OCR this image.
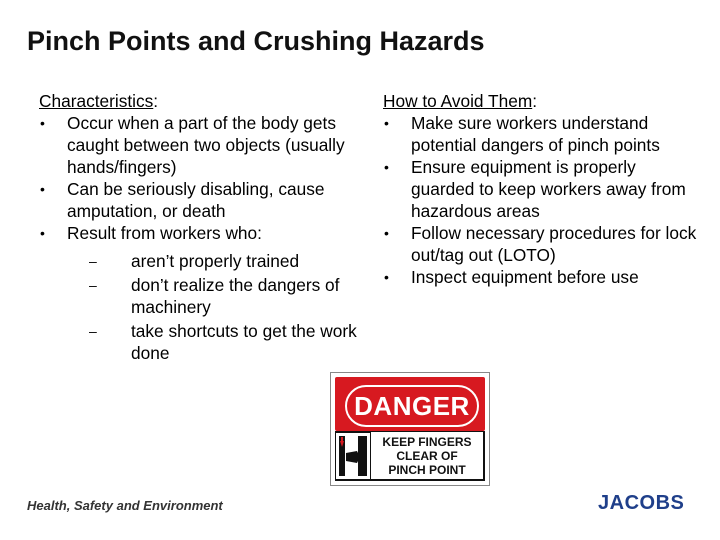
Pinch Points and Crushing Hazards
Characteristics:
• Occur when a part of the body gets caught between two objects (usually hands/fingers)
• Can be seriously disabling, cause amputation, or death
• Result from workers who:
– aren’t properly trained
– don’t realize the dangers of machinery
– take shortcuts to get the work done
How to Avoid Them:
• Make sure workers understand potential dangers of pinch points
• Ensure equipment is properly guarded to keep workers away from hazardous areas
• Follow necessary procedures for lock out/tag out (LOTO)
• Inspect equipment before use
DANGER
KEEP FINGERS
CLEAR OF
PINCH POINT
Health, Safety and Environment	JACOBS
